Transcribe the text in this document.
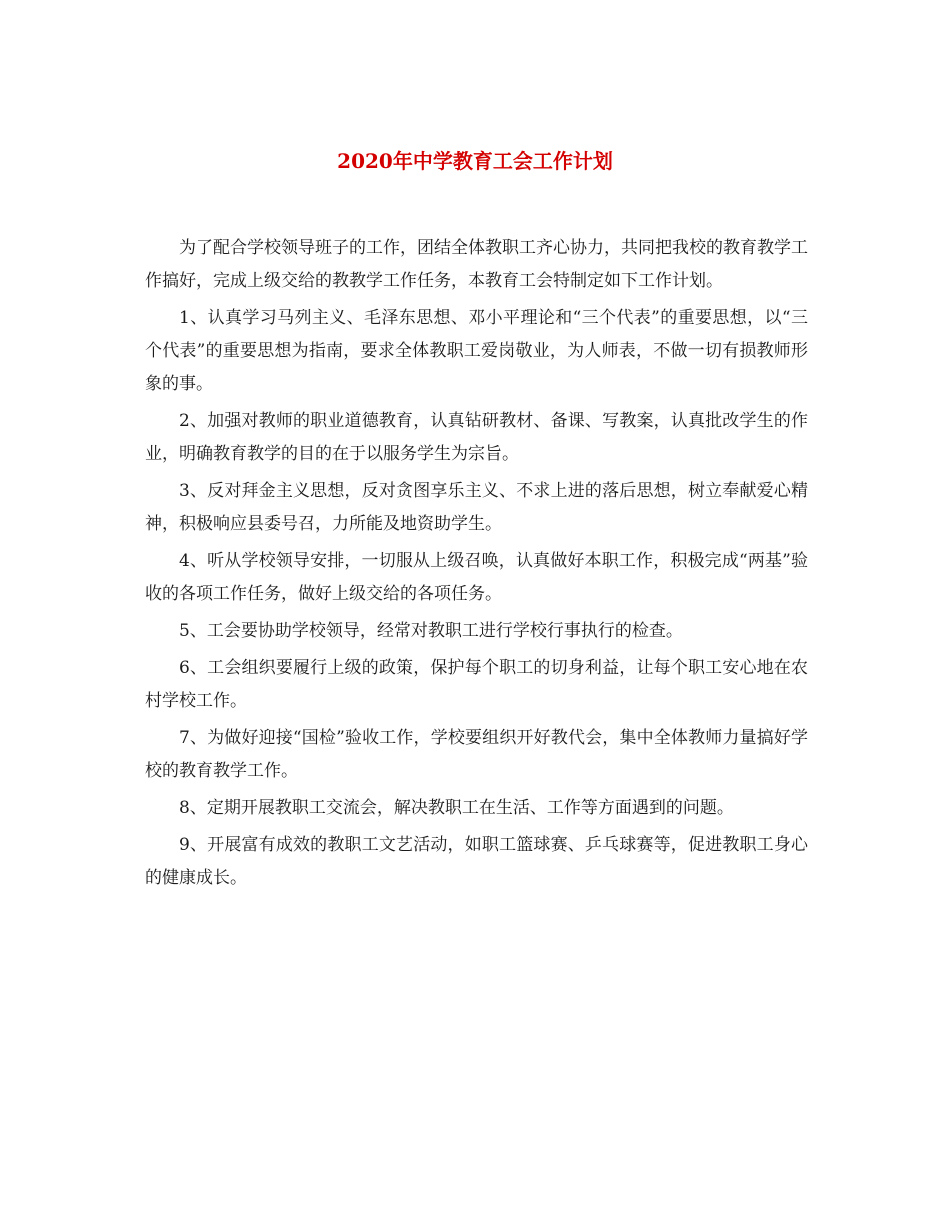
2020年中学教育工会工作计划

为了配合学校领导班子的工作，团结全体教职工齐心协力，共同把我校的教育教学工作搞好，完成上级交给的教教学工作任务，本教育工会特制定如下工作计划。

1、认真学习马列主义、毛泽东思想、邓小平理论和“三个代表”的重要思想，以“三个代表”的重要思想为指南，要求全体教职工爱岗敬业，为人师表，不做一切有损教师形象的事。

2、加强对教师的职业道德教育，认真钻研教材、备课、写教案，认真批改学生的作业，明确教育教学的目的在于以服务学生为宗旨。

3、反对拜金主义思想，反对贪图享乐主义、不求上进的落后思想，树立奉献爱心精神，积极响应县委号召，力所能及地资助学生。

4、听从学校领导安排，一切服从上级召唤，认真做好本职工作，积极完成“两基”验收的各项工作任务，做好上级交给的各项任务。

5、工会要协助学校领导，经常对教职工进行学校行事执行的检查。

6、工会组织要履行上级的政策，保护每个职工的切身利益，让每个职工安心地在农村学校工作。

7、为做好迎接“国检”验收工作，学校要组织开好教代会，集中全体教师力量搞好学校的教育教学工作。

8、定期开展教职工交流会，解决教职工在生活、工作等方面遇到的问题。

9、开展富有成效的教职工文艺活动，如职工篮球赛、乒乓球赛等，促进教职工身心的健康成长。
